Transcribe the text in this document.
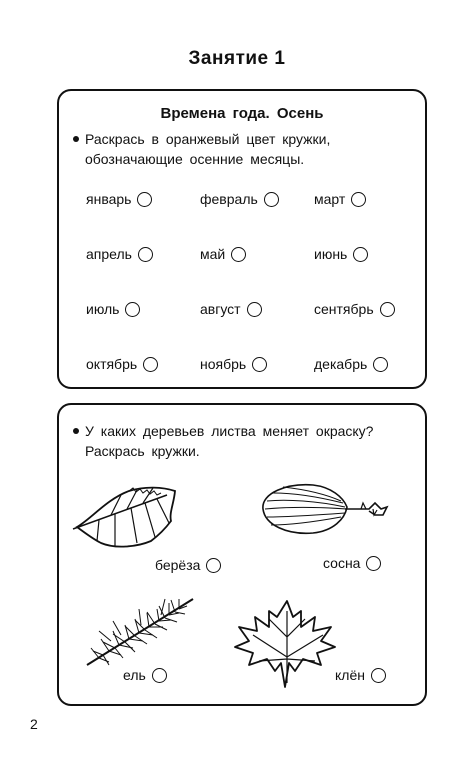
Занятие 1
Времена года. Осень
Раскрась в оранжевый цвет кружки, обозначающие осенние месяцы.
январь	февраль	март
апрель	май	июнь
июль	август	сентябрь
октябрь	ноябрь	декабрь
У каких деревьев листва меняет окраску? Раскрась кружки.
берёза	сосна
ель	клён
2
